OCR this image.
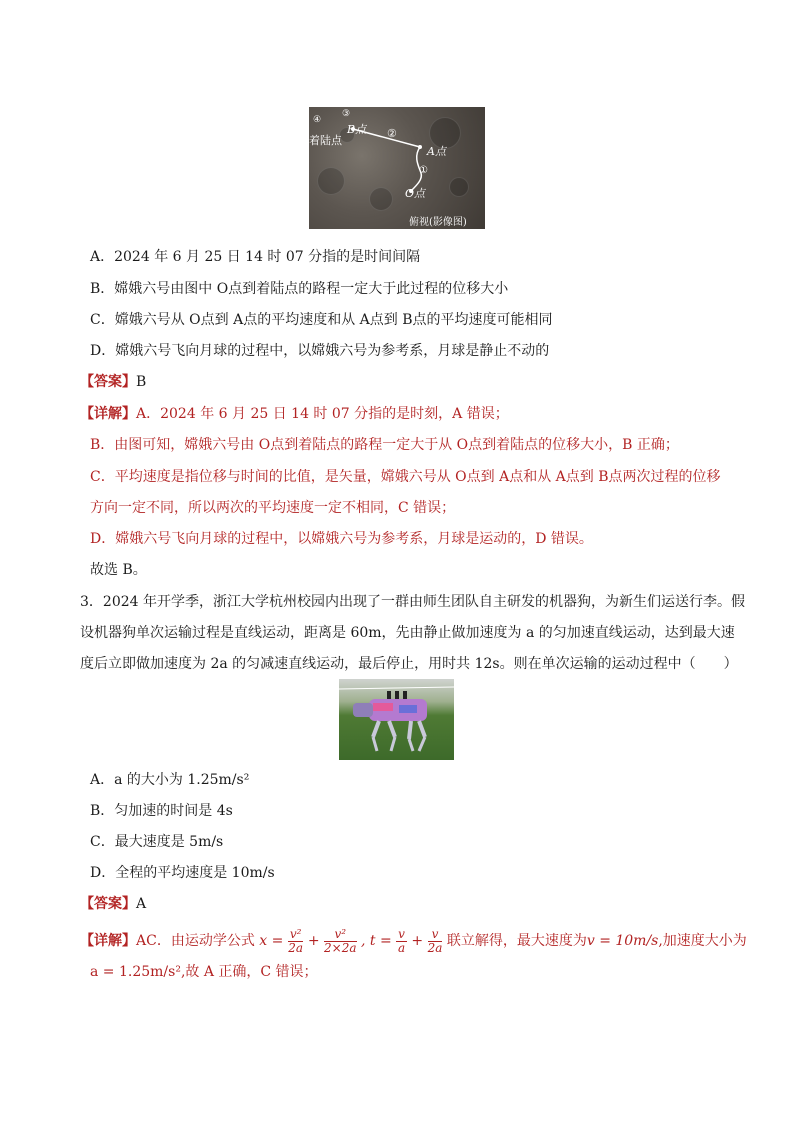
④
着陆点
③
B点 ②
A点
①
O点
俯视(影像图)
A．2024 年 6 月 25 日 14 时 07 分指的是时间间隔
B．嫦娥六号由图中 O点到着陆点的路程一定大于此过程的位移大小
C．嫦娥六号从 O点到 A点的平均速度和从 A点到 B点的平均速度可能相同
D．嫦娥六号飞向月球的过程中，以嫦娥六号为参考系，月球是静止不动的
【答案】B
【详解】A．2024 年 6 月 25 日 14 时 07 分指的是时刻，A 错误；
B．由图可知，嫦娥六号由 O点到着陆点的路程一定大于从 O点到着陆点的位移大小，B 正确；
C．平均速度是指位移与时间的比值，是矢量，嫦娥六号从 O点到 A点和从 A点到 B点两次过程的位移
方向一定不同，所以两次的平均速度一定不相同，C 错误；
D．嫦娥六号飞向月球的过程中，以嫦娥六号为参考系，月球是运动的，D 错误。
故选 B。
3．2024 年开学季，浙江大学杭州校园内出现了一群由师生团队自主研发的机器狗，为新生们运送行李。假
设机器狗单次运输过程是直线运动，距离是 60m，先由静止做加速度为 a 的匀加速直线运动，达到最大速
度后立即做加速度为 2a 的匀减速直线运动，最后停止，用时共 12s。则在单次运输的运动过程中（　　）
A．a 的大小为 1.25m/s²
B．匀加速的时间是 4s
C．最大速度是 5m/s
D．全程的平均速度是 10m/s
【答案】A
【详解】AC．由运动学公式 $x = \frac{\text{v²}}{2a} + \frac{\text{v²}}{2\times 2a}$ , $t = \frac{v}{a} + \frac{v}{2a}$ 联立解得，最大速度为v = 10m/s,加速度大小为
a = 1.25m/s²,故 A 正确，C 错误；
